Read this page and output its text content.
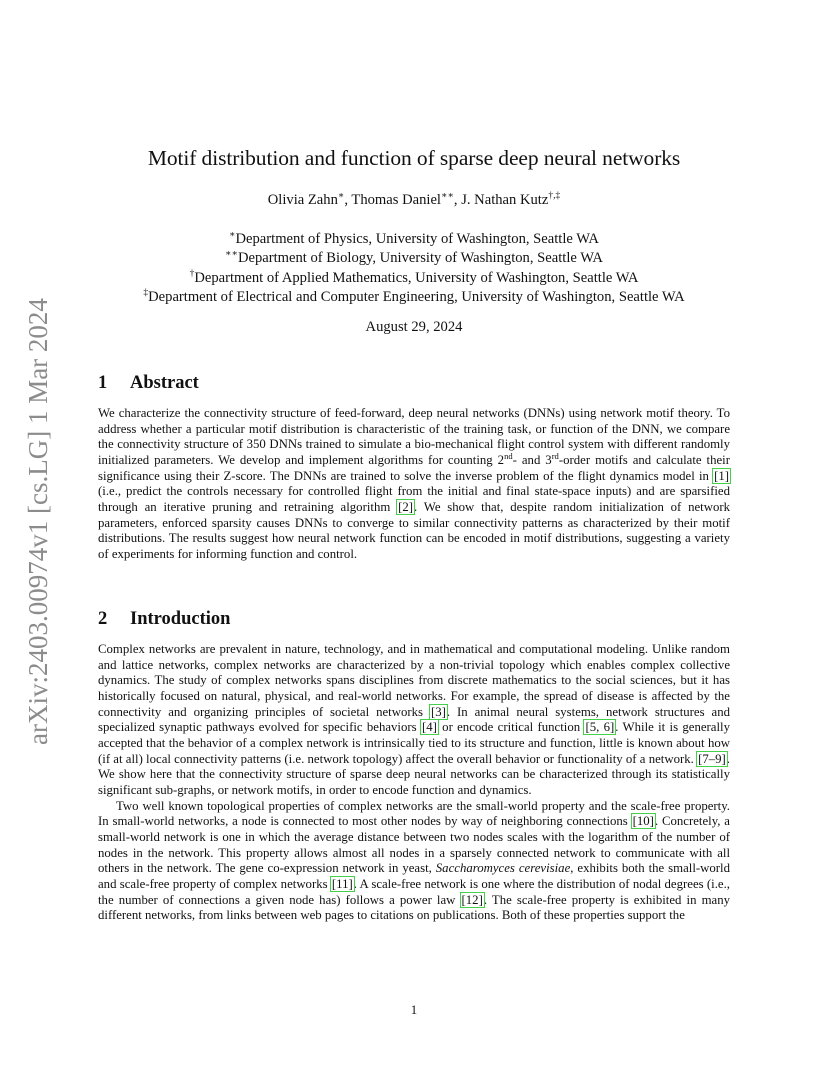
arXiv:2403.00974v1 [cs.LG] 1 Mar 2024
Motif distribution and function of sparse deep neural networks
Olivia Zahn∗, Thomas Daniel∗∗, J. Nathan Kutz†,‡
∗Department of Physics, University of Washington, Seattle WA
∗∗Department of Biology, University of Washington, Seattle WA
†Department of Applied Mathematics, University of Washington, Seattle WA
‡Department of Electrical and Computer Engineering, University of Washington, Seattle WA
August 29, 2024
1 Abstract

We characterize the connectivity structure of feed-forward, deep neural networks (DNNs) using network motif theory. To address whether a particular motif distribution is characteristic of the training task, or function of the DNN, we compare the connectivity structure of 350 DNNs trained to simulate a bio-mechanical flight control system with different randomly initialized parameters. We develop and implement algorithms for counting 2nd- and 3rd-order motifs and calculate their significance using their Z-score. The DNNs are trained to solve the inverse problem of the flight dynamics model in [1] (i.e., predict the controls necessary for controlled flight from the initial and final state-space inputs) and are sparsified through an iterative pruning and retraining algorithm [2]. We show that, despite random initialization of network parameters, enforced sparsity causes DNNs to converge to similar connectivity patterns as characterized by their motif distributions. The results suggest how neural network function can be encoded in motif distributions, suggesting a variety of experiments for informing function and control.

2 Introduction

Complex networks are prevalent in nature, technology, and in mathematical and computational modeling. Unlike random and lattice networks, complex networks are characterized by a non-trivial topology which enables complex collective dynamics. The study of complex networks spans disciplines from discrete mathematics to the social sciences, but it has historically focused on natural, physical, and real-world networks. For example, the spread of disease is affected by the connectivity and organizing principles of societal networks [3]. In animal neural systems, network structures and specialized synaptic pathways evolved for specific behaviors [4] or encode critical function [5, 6]. While it is generally accepted that the behavior of a complex network is intrinsically tied to its structure and function, little is known about how (if at all) local connectivity patterns (i.e. network topology) affect the overall behavior or functionality of a network. [7–9]. We show here that the connectivity structure of sparse deep neural networks can be characterized through its statistically significant sub-graphs, or network motifs, in order to encode function and dynamics.

Two well known topological properties of complex networks are the small-world property and the scale-free property. In small-world networks, a node is connected to most other nodes by way of neighboring connections [10]. Concretely, a small-world network is one in which the average distance between two nodes scales with the logarithm of the number of nodes in the network. This property allows almost all nodes in a sparsely connected network to communicate with all others in the network. The gene co-expression network in yeast, Saccharomyces cerevisiae, exhibits both the small-world and scale-free property of complex networks [11]. A scale-free network is one where the distribution of nodal degrees (i.e., the number of connections a given node has) follows a power law [12]. The scale-free property is exhibited in many different networks, from links between web pages to citations on publications. Both of these properties support the

1
